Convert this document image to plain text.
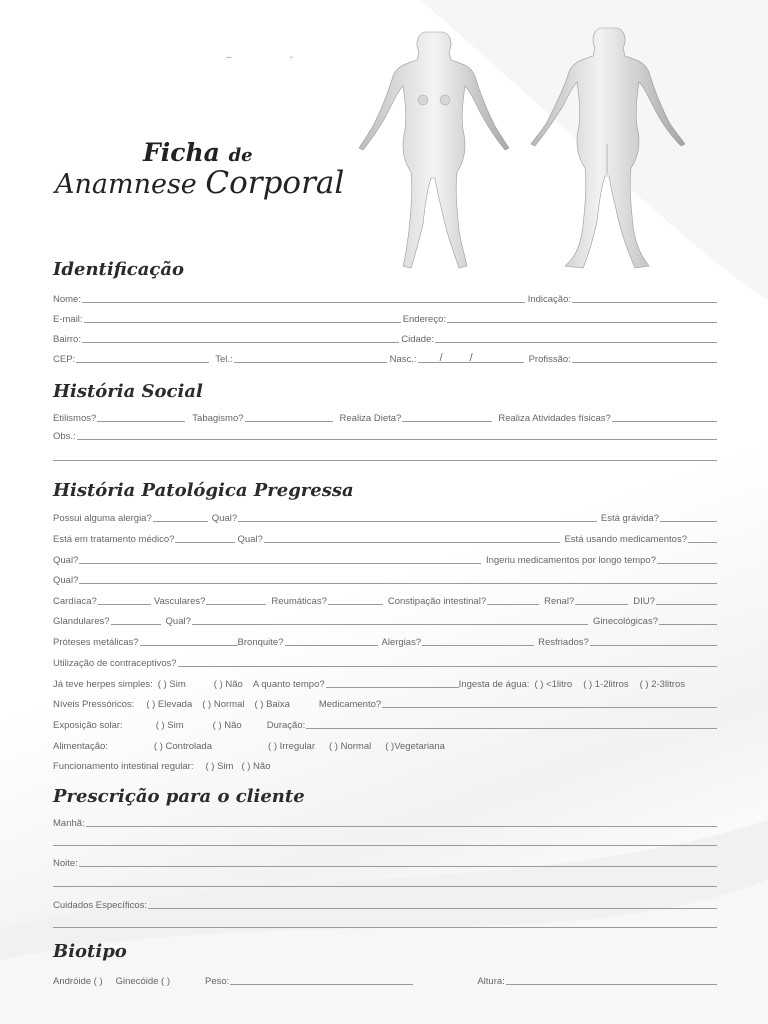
–                     -
Ficha de
Anamnese Corporal
Identificação
Nome:	Indicação:
E-mail:	Endereço:
Bairro:	Cidade:
CEP:	Tel.:	Nasc.: / /	Profissão:
História Social
Etilismos?	Tabagismo?	Realiza Dieta?	Realiza Atividades físicas?
Obs.:
História Patológica Pregressa
Possui alguma alergia?	Qual?	Está grávida?
Está em tratamento médico?	Qual?	Está usando medicamentos?
Qual?	Ingeriu medicamentos por longo tempo?
Qual?
Cardíaca?	Vasculares?	Reumáticas?	Constipação intestinal?	Renal?	DIU?
Glandulares?	Qual?	Ginecológicas?
Próteses metálicas?	Bronquite?	Alergias?	Resfriados?
Utilização de contraceptivos?
Já teve herpes simples: ( ) Sim	( ) Não	A quanto tempo?	Ingesta de água: ( ) <1litro	( ) 1-2litros	( ) 2-3litros
Níveis Pressóricos:	( ) Elevada	( ) Normal	( ) Baixa	Medicamento?
Exposição solar:	( ) Sim	( ) Não	Duração:
Alimentação:	( ) Controlada	( ) Irregular	( ) Normal	( )Vegetariana
Funcionamento intestinal regular:	( ) Sim ( ) Não
Prescrição para o cliente
Manhã:
Noite:
Cuidados Específicos:
Biotipo
Andróide ( )	Ginecóide ( )	Peso:	Altura:
